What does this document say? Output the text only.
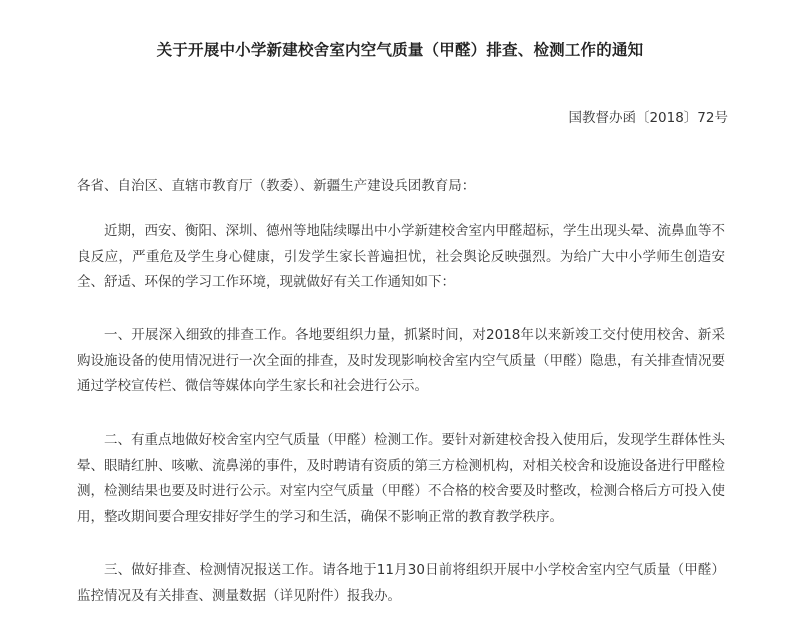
关于开展中小学新建校舍室内空气质量（甲醛）排查、检测工作的通知
国教督办函〔2018〕72号
各省、自治区、直辖市教育厅（教委）、新疆生产建设兵团教育局：

近期，西安、衡阳、深圳、德州等地陆续曝出中小学新建校舍室内甲醛超标，学生出现头晕、流鼻血等不良反应，严重危及学生身心健康，引发学生家长普遍担忧，社会舆论反映强烈。为给广大中小学师生创造安全、舒适、环保的学习工作环境，现就做好有关工作通知如下：

一、开展深入细致的排查工作。各地要组织力量，抓紧时间，对2018年以来新竣工交付使用校舍、新采购设施设备的使用情况进行一次全面的排查，及时发现影响校舍室内空气质量（甲醛）隐患，有关排查情况要通过学校宣传栏、微信等媒体向学生家长和社会进行公示。

二、有重点地做好校舍室内空气质量（甲醛）检测工作。要针对新建校舍投入使用后，发现学生群体性头晕、眼睛红肿、咳嗽、流鼻涕的事件，及时聘请有资质的第三方检测机构，对相关校舍和设施设备进行甲醛检测，检测结果也要及时进行公示。对室内空气质量（甲醛）不合格的校舍要及时整改，检测合格后方可投入使用，整改期间要合理安排好学生的学习和生活，确保不影响正常的教育教学秩序。

三、做好排查、检测情况报送工作。请各地于11月30日前将组织开展中小学校舍室内空气质量（甲醛）监控情况及有关排查、测量数据（详见附件）报我办。
